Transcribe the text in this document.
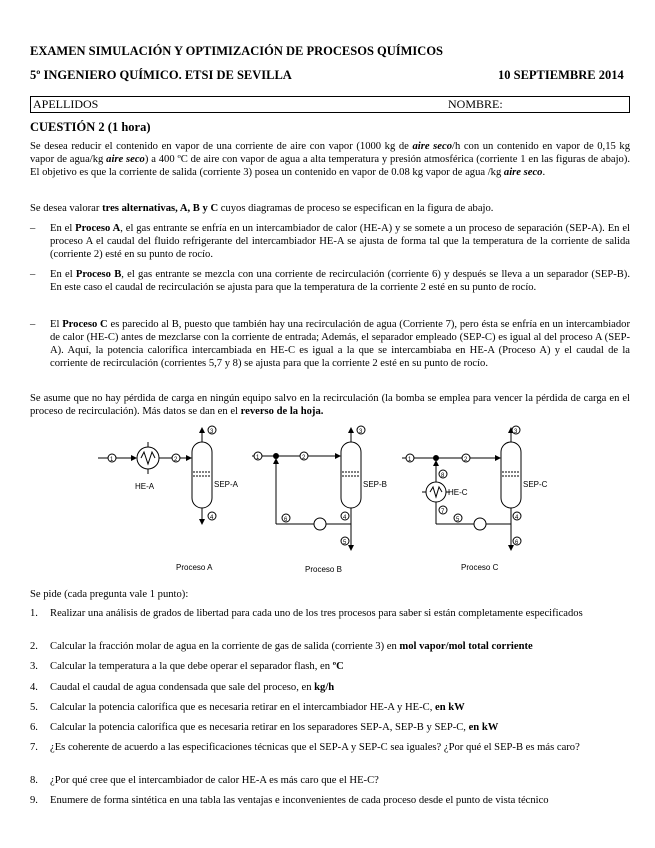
EXAMEN SIMULACIÓN Y OPTIMIZACIÓN DE PROCESOS QUÍMICOS
5º INGENIERO QUÍMICO. ETSI DE SEVILLA	10 SEPTIEMBRE 2014
APELLIDOS	NOMBRE:
CUESTIÓN 2 (1 hora)
Se desea reducir el contenido en vapor de una corriente de aire con vapor (1000 kg de aire seco/h con un contenido en vapor de 0,15 kg vapor de agua/kg aire seco) a 400 ºC de aire con vapor de agua a alta temperatura y presión atmosférica (corriente 1 en las figuras de abajo). El objetivo es que la corriente de salida (corriente 3) posea un contenido en vapor de 0.08 kg vapor de agua /kg aire seco.
Se desea valorar tres alternativas, A, B y C cuyos diagramas de proceso se especifican en la figura de abajo.
– En el Proceso A, el gas entrante se enfría en un intercambiador de calor (HE-A) y se somete a un proceso de separación (SEP-A). En el proceso A el caudal del fluido refrigerante del intercambiador HE-A se ajusta de forma tal que la temperatura de la corriente de salida (corriente 2) esté en su punto de rocío.
– En el Proceso B, el gas entrante se mezcla con una corriente de recirculación (corriente 6) y después se lleva a un separador (SEP-B). En este caso el caudal de recirculación se ajusta para que la temperatura de la corriente 2 esté en su punto de rocío.
– El Proceso C es parecido al B, puesto que también hay una recirculación de agua (Corriente 7), pero ésta se enfría en un intercambiador de calor (HE-C) antes de mezclarse con la corriente de entrada; Además, el separador empleado (SEP-C) es igual al del proceso A (SEP-A). Aquí, la potencia calorífica intercambiada en HE-C es igual a la que se intercambiaba en HE-A (Proceso A) y el caudal de la corriente de recirculación (corrientes 5,7 y 8) se ajusta para que la corriente 2 esté en su punto de rocío.
Se asume que no hay pérdida de carga en ningún equipo salvo en la recirculación (la bomba se emplea para vencer la pérdida de carga en el proceso de recirculación). Más datos se dan en el reverso de la hoja.
1	2
HE-A
3
4
SEP-A
Proceso A
1	2
3
4
5
6
SEP-B
Proceso B
1	2
3
4
6
5
8
7
HE-C
SEP-C
Proceso C
Se pide (cada pregunta vale 1 punto):
1. Realizar una análisis de grados de libertad para cada uno de los tres procesos para saber si están completamente especificados
2. Calcular la fracción molar de agua en la corriente de gas de salida (corriente 3) en mol vapor/mol total corriente
3. Calcular la temperatura a la que debe operar el separador flash, en ºC
4. Caudal el caudal de agua condensada que sale del proceso, en kg/h
5. Calcular la potencia calorífica que es necesaria retirar en el intercambiador HE-A y HE-C, en kW
6. Calcular la potencia calorífica que es necesaria retirar en los separadores SEP-A, SEP-B y SEP-C, en kW
7. ¿Es coherente de acuerdo a las especificaciones técnicas que el SEP-A y SEP-C sea iguales? ¿Por qué el SEP-B es más caro?
8. ¿Por qué cree que el intercambiador de calor HE-A es más caro que el HE-C?
9. Enumere de forma sintética en una tabla las ventajas e inconvenientes de cada proceso desde el punto de vista técnico
